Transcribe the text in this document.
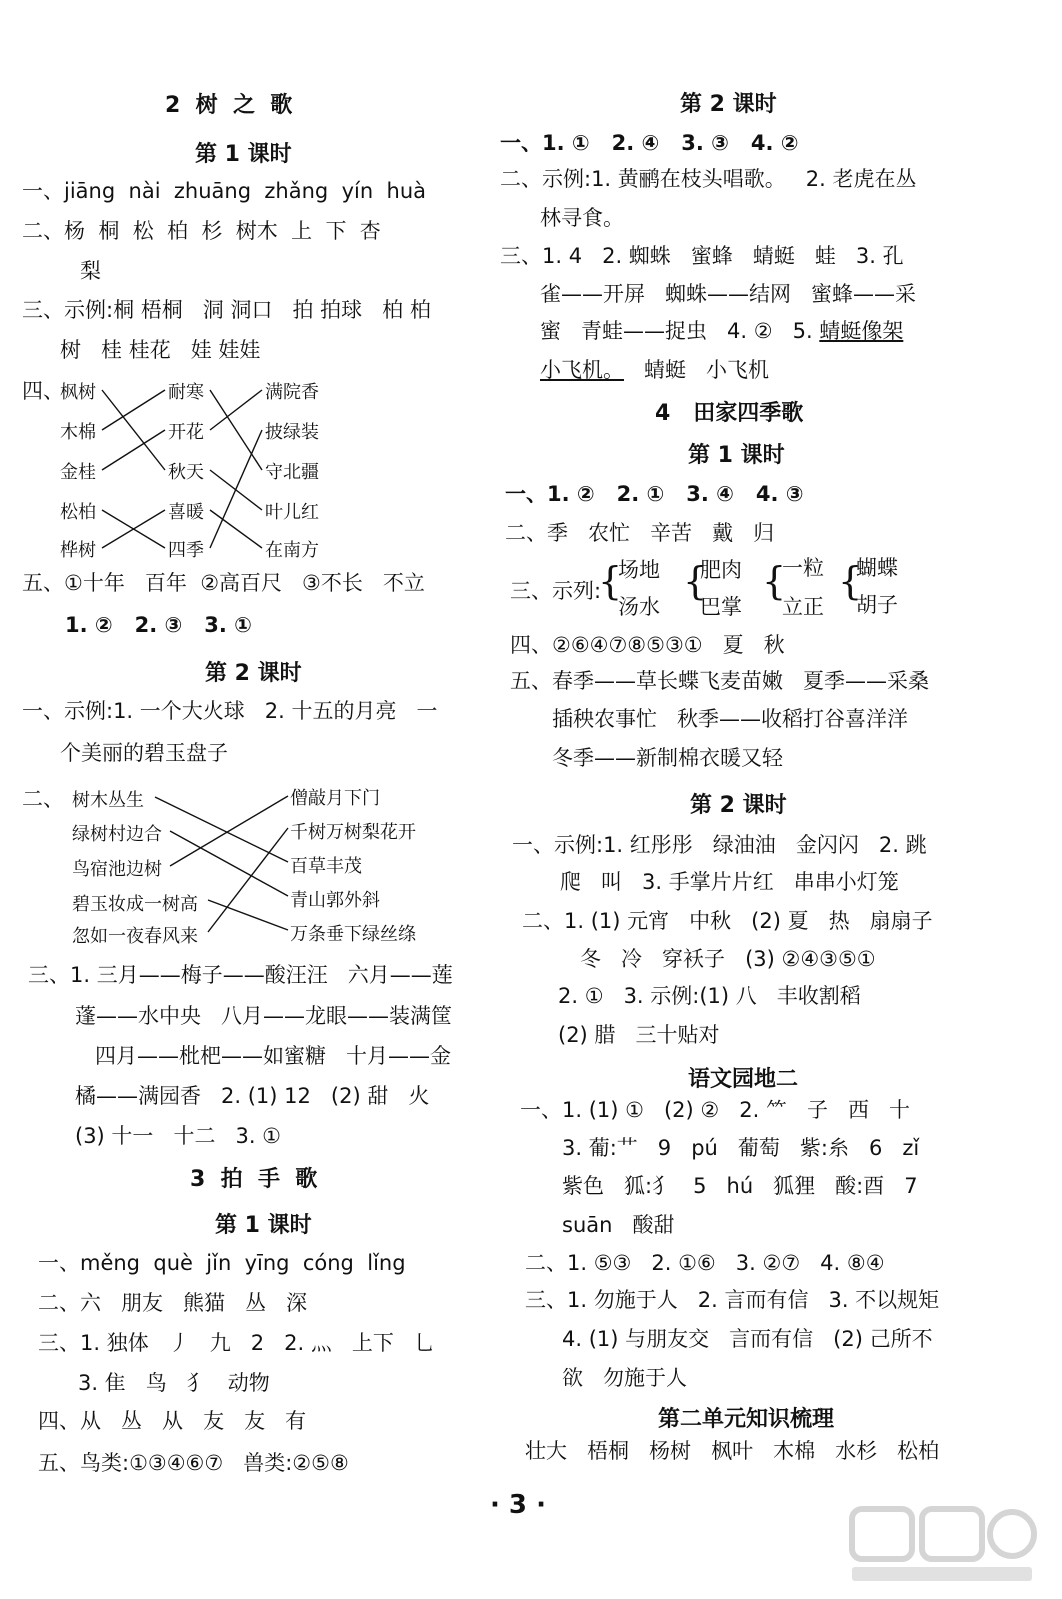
2  树  之  歌
第 1 课时
一、jiāng  nài  zhuāng  zhǎng  yín  huà
二、杨  桐  松  柏  杉  树木  上  下  杏
梨
三、示例:桐 梧桐   洞 洞口   拍 拍球   柏 柏
树   桂 桂花   娃 娃娃
四、
枫树
木棉
金桂
松柏
桦树
耐寒
开花
秋天
喜暖
四季
满院香
披绿装
守北疆
叶儿红
在南方
五、①十年   百年  ②高百尺   ③不长   不立
1. ②   2. ③   3. ①
第 2 课时
一、示例:1. 一个大火球   2. 十五的月亮   一
个美丽的碧玉盘子
二、 树木丛生
绿树村边合
鸟宿池边树
碧玉妆成一树高
忽如一夜春风来
僧敲月下门
千树万树梨花开
百草丰茂
青山郭外斜
万条垂下绿丝绦
三、1. 三月——梅子——酸汪汪   六月——莲
蓬——水中央   八月——龙眼——装满筐
四月——枇杷——如蜜糖   十月——金
橘——满园香   2. (1) 12   (2) 甜   火
(3) 十一   十二   3. ①
3  拍  手  歌
第 1 课时
一、měng  què  jǐn  yīng  cóng  lǐng
二、六   朋友   熊猫   丛   深
三、1. 独体   丿   九   2   2. 灬   上下   乚
3. 隹   鸟   犭   动物
四、从   丛   从   友   友   有
五、鸟类:①③④⑥⑦   兽类:②⑤⑧
第 2 课时
一、1. ①   2. ④   3. ③   4. ②
二、示例:1. 黄鹂在枝头唱歌。   2. 老虎在丛
林寻食。
三、1. 4   2. 蜘蛛   蜜蜂   蜻蜓   蛙   3. 孔
雀——开屏   蜘蛛——结网   蜜蜂——采
蜜   青蛙——捉虫   4. ②   5. 蜻蜓像架
小飞机。   蜻蜓   小飞机
4   田家四季歌
第 1 课时
一、1. ②   2. ①   3. ④   4. ③
二、季   农忙   辛苦   戴   归
三、示列:
{
场地
汤水
{
肥肉
巴掌
{
一粒
立正
{
蝴蝶
胡子
四、②⑥④⑦⑧⑤③①   夏   秋
五、春季——草长蝶飞麦苗嫩   夏季——采桑
插秧农事忙   秋季——收稻打谷喜洋洋
冬季——新制棉衣暖又轻
第 2 课时
一、示例:1. 红彤彤   绿油油   金闪闪   2. 跳
爬   叫   3. 手掌片片红   串串小灯笼
二、1. (1) 元宵   中秋   (2) 夏   热   扇扇子
冬   冷   穿袄子   (3) ②④③⑤①
2. ①   3. 示例:(1) 八   丰收割稻
(2) 腊   三十贴对
语文园地二
一、1. (1) ①   (2) ②   2. ⺮   子   西   十
3. 葡:艹   9   pú   葡萄   紫:糸   6   zǐ
紫色   狐:犭   5   hú   狐狸   酸:酉   7
suān   酸甜
二、1. ⑤③   2. ①⑥   3. ②⑦   4. ⑧④
三、1. 勿施于人   2. 言而有信   3. 不以规矩
4. (1) 与朋友交   言而有信   (2) 己所不
欲   勿施于人
第二单元知识梳理
壮大   梧桐   杨树   枫叶   木棉   水杉   松柏
· 3 ·
